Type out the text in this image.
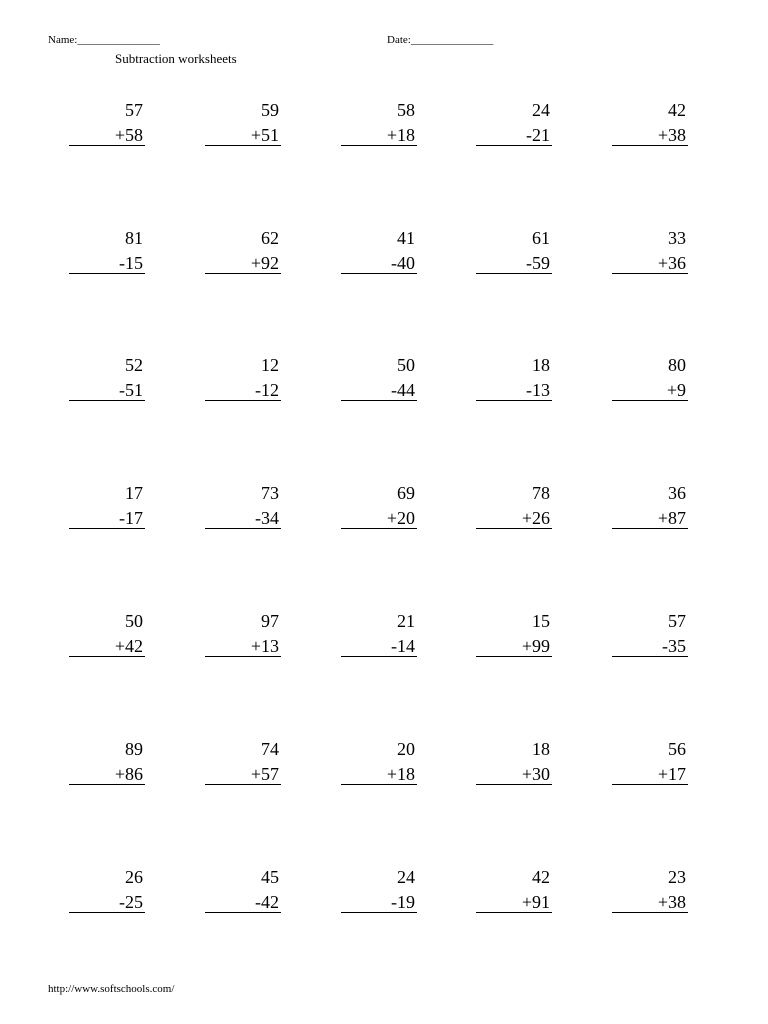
Name:_______________	Date:_______________
Subtraction worksheets
57
+58
59
+51
58
+18
24
-21
42
+38
81
-15
62
+92
41
-40
61
-59
33
+36
52
-51
12
-12
50
-44
18
-13
80
+9
17
-17
73
-34
69
+20
78
+26
36
+87
50
+42
97
+13
21
-14
15
+99
57
-35
89
+86
74
+57
20
+18
18
+30
56
+17
26
-25
45
-42
24
-19
42
+91
23
+38
http://www.softschools.com/
